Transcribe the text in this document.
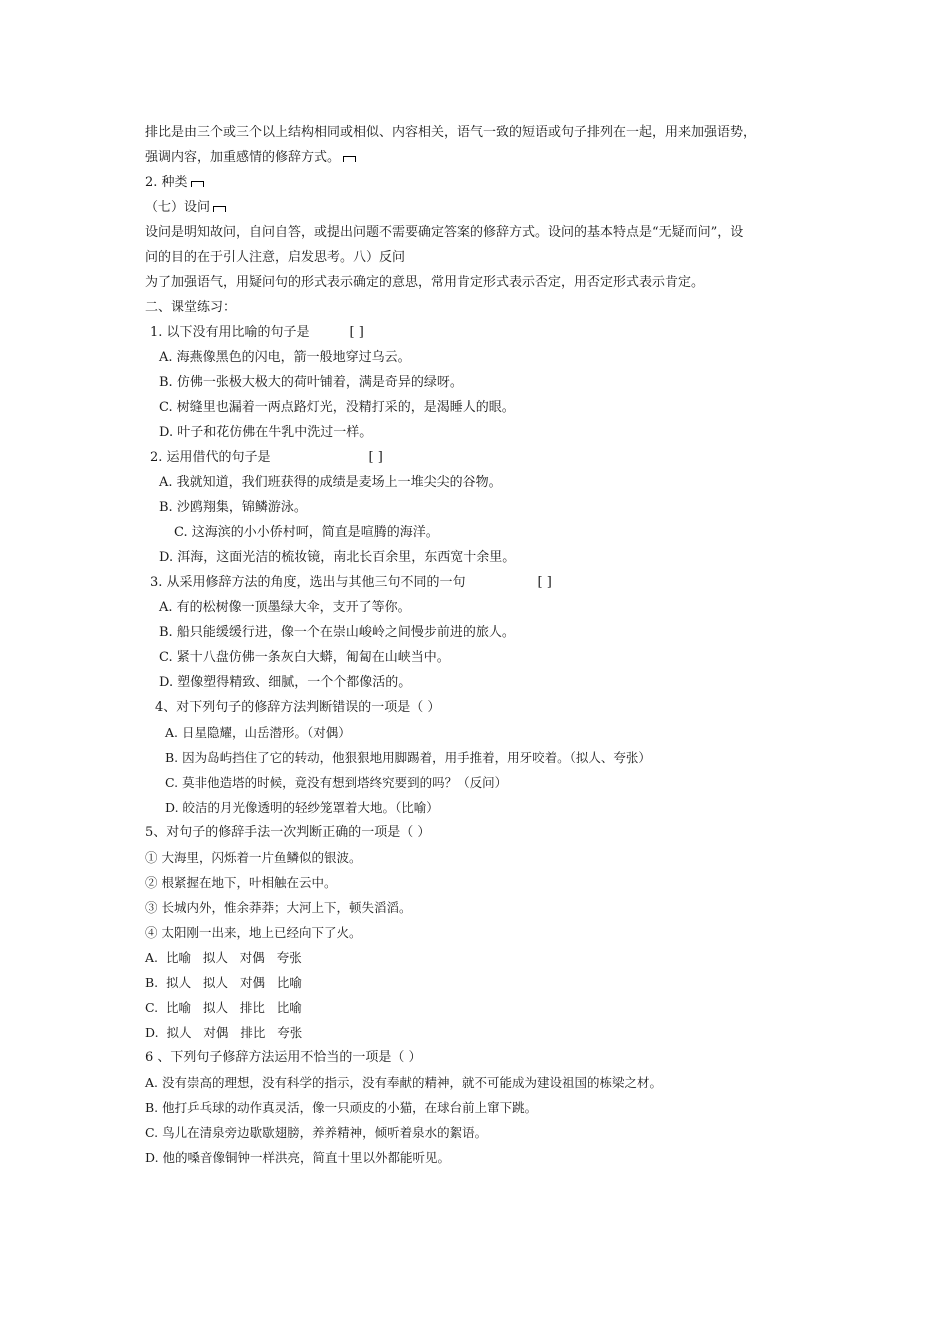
排比是由三个或三个以上结构相同或相似、内容相关，语气一致的短语或句子排列在一起，用来加强语势，
强调内容，加重感情的修辞方式。
2. 种类
（七）设问
设问是明知故问，自问自答，或提出问题不需要确定答案的修辞方式。设问的基本特点是“无疑而问”，设
问的目的在于引人注意，启发思考。八）反问
为了加强语气，用疑问句的形式表示确定的意思，常用肯定形式表示否定，用否定形式表示肯定。
二、课堂练习：
1. 以下没有用比喻的句子是	[ ]
A. 海燕像黑色的闪电，箭一般地穿过乌云。
B. 仿佛一张极大极大的荷叶铺着，满是奇异的绿呀。
C. 树缝里也漏着一两点路灯光，没精打采的，是渴睡人的眼。
D. 叶子和花仿佛在牛乳中洗过一样。
2. 运用借代的句子是	[ ]
A. 我就知道，我们班获得的成绩是麦场上一堆尖尖的谷物。
B. 沙鸥翔集，锦鳞游泳。
C. 这海滨的小小侨村呵，简直是喧腾的海洋。
D. 洱海，这面光洁的梳妆镜，南北长百余里，东西宽十余里。
3. 从采用修辞方法的角度，选出与其他三句不同的一句	[ ]
A. 有的松树像一顶墨绿大伞，支开了等你。
B. 船只能缓缓行进，像一个在崇山峻岭之间慢步前进的旅人。
C. 紧十八盘仿佛一条灰白大蟒，匍匐在山峡当中。
D. 塑像塑得精致、细腻，一个个都像活的。
4、对下列句子的修辞方法判断错误的一项是（ ）
A. 日星隐耀，山岳潜形。（对偶）
B. 因为岛屿挡住了它的转动，他狠狠地用脚踢着，用手推着，用牙咬着。（拟人、夸张）
C. 莫非他造塔的时候，竟没有想到塔终究要到的吗？（反问）
D. 皎洁的月光像透明的轻纱笼罩着大地。（比喻）
5、对句子的修辞手法一次判断正确的一项是（ ）
① 大海里，闪烁着一片鱼鳞似的银波。
② 根紧握在地下，叶相触在云中。
③ 长城内外，惟余莽莽；大河上下，顿失滔滔。
④ 太阳刚一出来，地上已经向下了火。
A.  比喻   拟人   对偶   夸张
B.  拟人   拟人   对偶   比喻
C.  比喻   拟人   排比   比喻
D.  拟人   对偶   排比   夸张
6 、下列句子修辞方法运用不恰当的一项是（ ）
A. 没有崇高的理想，没有科学的指示，没有奉献的精神，就不可能成为建设祖国的栋梁之材。
B. 他打乒乓球的动作真灵活，像一只顽皮的小猫，在球台前上窜下跳。
C. 鸟儿在清泉旁边歇歇翅膀，养养精神，倾听着泉水的絮语。
D. 他的嗓音像铜钟一样洪亮，简直十里以外都能听见。
